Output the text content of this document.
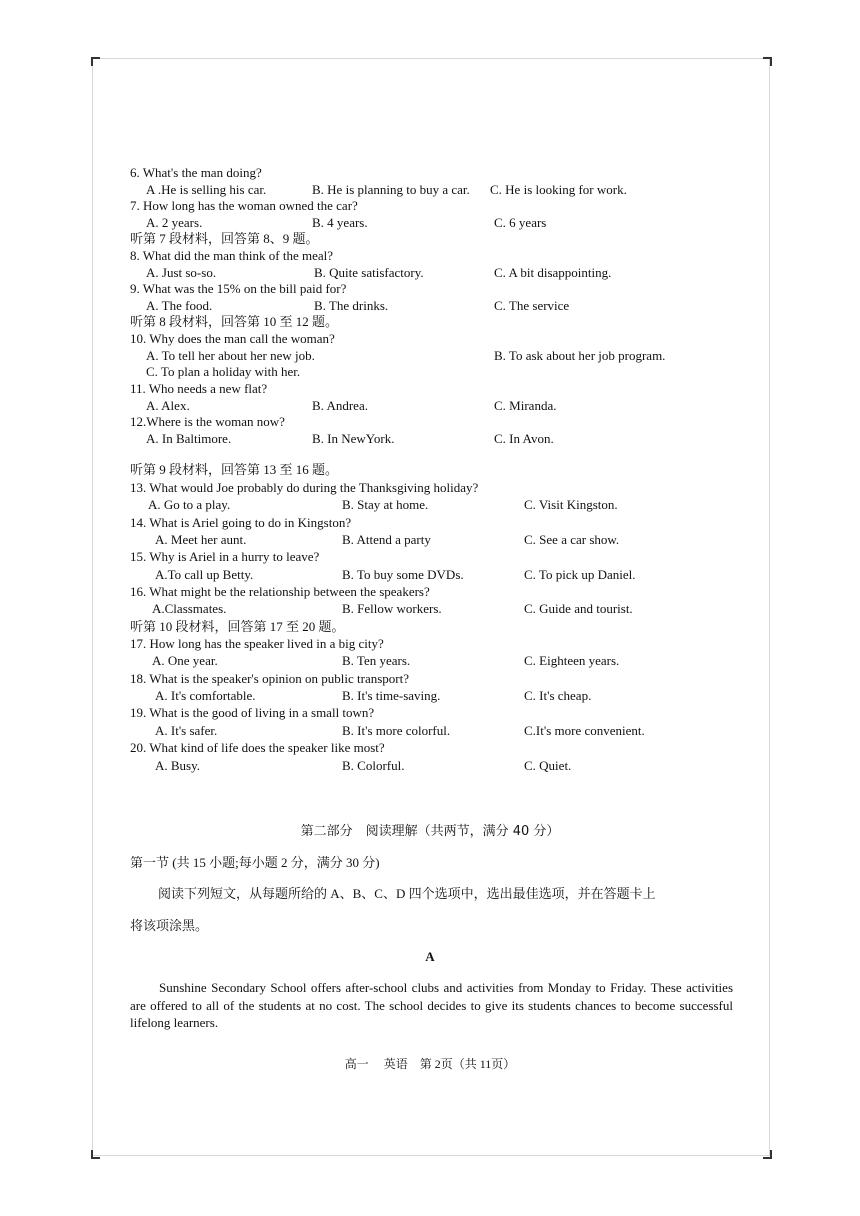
6. What's the man doing?
A .He is selling his car.	B. He is planning to buy a car. C. He is looking for work.
7. How long has the woman owned the car?
A. 2 years.	B. 4 years.	C. 6 years
听第 7 段材料，回答第 8、9 题。
8. What did the man think of the meal?
A. Just so-so.	B. Quite satisfactory.	C. A bit disappointing.
9. What was the 15% on the bill paid for?
A. The food.	B. The drinks.	C. The service
听第 8 段材料，回答第 10 至 12 题。
10. Why does the man call the woman?
A. To tell her about her new job.	B. To ask about her job program.
C. To plan a holiday with her.
11. Who needs a new flat?
A. Alex.	B. Andrea.	C. Miranda.
12.Where is the woman now?
A. In Baltimore.	B. In NewYork.	C. In Avon.
听第 9 段材料，回答第 13 至 16 题。
13. What would Joe probably do during the Thanksgiving holiday?
A. Go to a play.	B. Stay at home.	C. Visit Kingston.
14. What is Ariel going to do in Kingston?
A. Meet her aunt.	B. Attend a party	C. See a car show.
15. Why is Ariel in a hurry to leave?
A.To call up Betty.	B. To buy some DVDs.	C. To pick up Daniel.
16. What might be the relationship between the speakers?
A.Classmates.	B. Fellow workers.	C. Guide and tourist.
听第 10 段材料，回答第 17 至 20 题。
17. How long has the speaker lived in a big city?
A. One year.	B. Ten years.	C. Eighteen years.
18. What is the speaker's opinion on public transport?
A. It's comfortable.	B. It's time-saving.	C. It's cheap.
19. What is the good of living in a small town?
A. It's safer.	B. It's more colorful.	C.It's more convenient.
20. What kind of life does the speaker like most?
A. Busy.	B. Colorful.	C. Quiet.
第二部分　阅读理解（共两节，满分 40 分）
第一节 (共 15 小题;每小题 2 分，满分 30 分)
阅读下列短文，从每题所给的 A、B、C、D 四个选项中，选出最佳选项，并在答题卡上
将该项涂黑。
A
Sunshine Secondary School offers after-school clubs and activities from Monday to Friday. These activities are offered to all of the students at no cost. The school decides to give its students chances to become successful lifelong learners.
高一　 英语　第 2页（共 11页）
